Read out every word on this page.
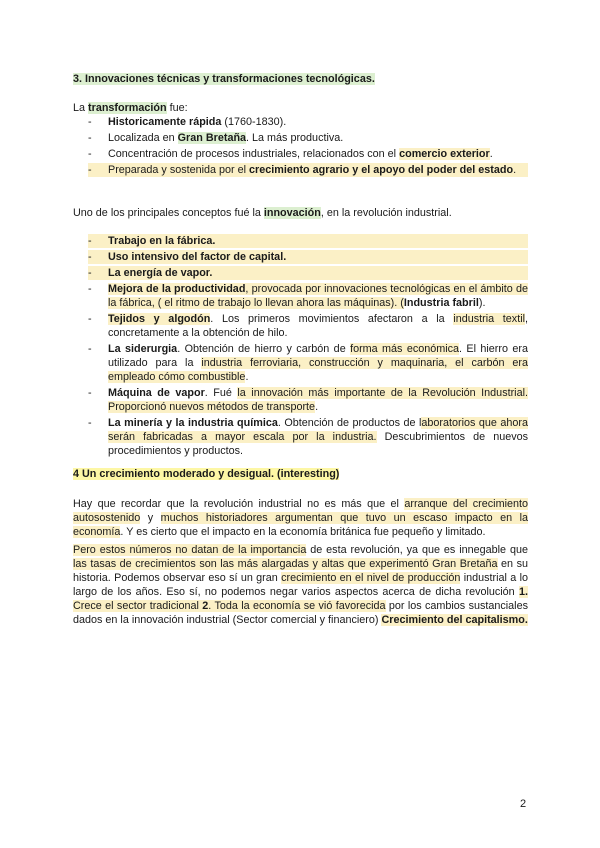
3. Innovaciones técnicas y transformaciones tecnológicas.
La transformación fue:
- Historicamente rápida (1760-1830).
- Localizada en Gran Bretaña. La más productiva.
- Concentración de procesos industriales, relacionados con el comercio exterior.
- Preparada y sostenida por el crecimiento agrario y el apoyo del poder del estado.
Uno de los principales conceptos fué la innovación, en la revolución industrial.
- Trabajo en la fábrica.
- Uso intensivo del factor de capital.
- La energía de vapor.
- Mejora de la productividad, provocada por innovaciones tecnológicas en el ámbito de la fábrica, ( el ritmo de trabajo lo llevan ahora las máquinas). (Industria fabril).
- Tejidos y algodón. Los primeros movimientos afectaron a la industria textil, concretamente a la obtención de hilo.
- La siderurgia. Obtención de hierro y carbón de forma más económica. El hierro era utilizado para la industria ferroviaria, construcción y maquinaria, el carbón era empleado cómo combustible.
- Máquina de vapor. Fué la innovación más importante de la Revolución Industrial. Proporcionó nuevos métodos de transporte.
- La minería y la industria química. Obtención de productos de laboratorios que ahora serán fabricadas a mayor escala por la industria. Descubrimientos de nuevos procedimientos y productos.
4 Un crecimiento moderado y desigual. (interesting)
Hay que recordar que la revolución industrial no es más que el arranque del crecimiento autosostenido y muchos historiadores argumentan que tuvo un escaso impacto en la economía. Y es cierto que el impacto en la economía británica fue pequeño y limitado.
Pero estos números no datan de la importancia de esta revolución, ya que es innegable que las tasas de crecimientos son las más alargadas y altas que experimentó Gran Bretaña en su historia. Podemos observar eso sí un gran crecimiento en el nivel de producción industrial a lo largo de los años. Eso sí, no podemos negar varios aspectos acerca de dicha revolución 1. Crece el sector tradicional 2. Toda la economía se vió favorecida por los cambios sustanciales dados en la innovación industrial (Sector comercial y financiero) Crecimiento del capitalismo.
2
